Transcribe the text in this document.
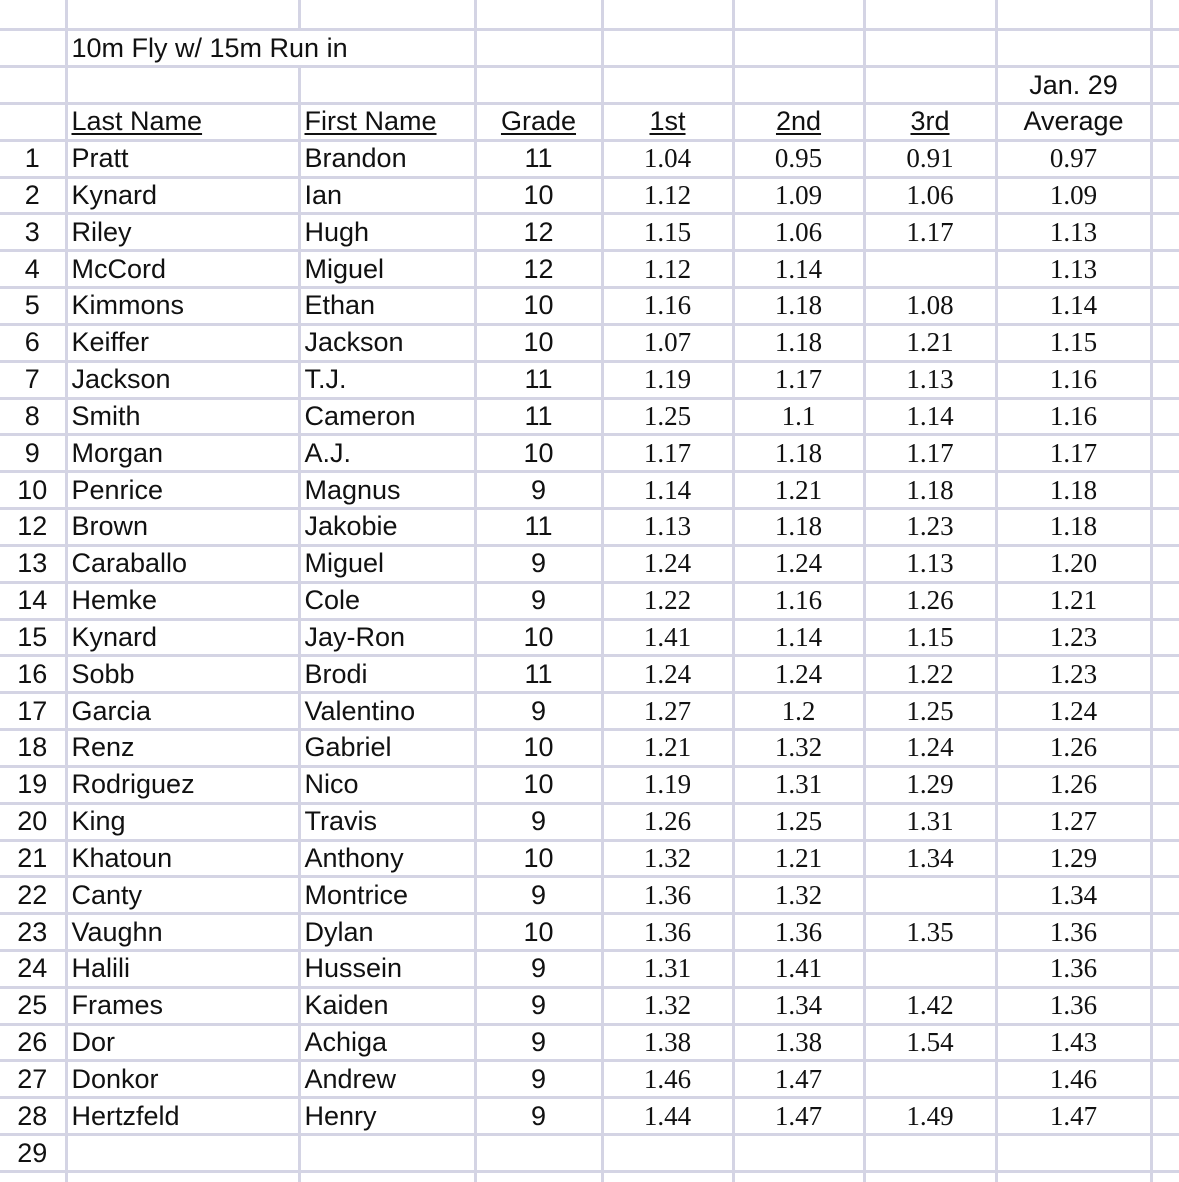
	10m Fly w/ 15m Run in							
							Jan. 29	
	Last Name	First Name	Grade	1st	2nd	3rd	Average	
1	Pratt	Brandon	11	1.04	0.95	0.91	0.97	
2	Kynard	Ian	10	1.12	1.09	1.06	1.09	
3	Riley	Hugh	12	1.15	1.06	1.17	1.13	
4	McCord	Miguel	12	1.12	1.14		1.13	
5	Kimmons	Ethan	10	1.16	1.18	1.08	1.14	
6	Keiffer	Jackson	10	1.07	1.18	1.21	1.15	
7	Jackson	T.J.	11	1.19	1.17	1.13	1.16	
8	Smith	Cameron	11	1.25	1.1	1.14	1.16	
9	Morgan	A.J.	10	1.17	1.18	1.17	1.17	
10	Penrice	Magnus	9	1.14	1.21	1.18	1.18	
12	Brown	Jakobie	11	1.13	1.18	1.23	1.18	
13	Caraballo	Miguel	9	1.24	1.24	1.13	1.20	
14	Hemke	Cole	9	1.22	1.16	1.26	1.21	
15	Kynard	Jay-Ron	10	1.41	1.14	1.15	1.23	
16	Sobb	Brodi	11	1.24	1.24	1.22	1.23	
17	Garcia	Valentino	9	1.27	1.2	1.25	1.24	
18	Renz	Gabriel	10	1.21	1.32	1.24	1.26	
19	Rodriguez	Nico	10	1.19	1.31	1.29	1.26	
20	King	Travis	9	1.26	1.25	1.31	1.27	
21	Khatoun	Anthony	10	1.32	1.21	1.34	1.29	
22	Canty	Montrice	9	1.36	1.32		1.34	
23	Vaughn	Dylan	10	1.36	1.36	1.35	1.36	
24	Halili	Hussein	9	1.31	1.41		1.36	
25	Frames	Kaiden	9	1.32	1.34	1.42	1.36	
26	Dor	Achiga	9	1.38	1.38	1.54	1.43	
27	Donkor	Andrew	9	1.46	1.47		1.46	
28	Hertzfeld	Henry	9	1.44	1.47	1.49	1.47	
29								
